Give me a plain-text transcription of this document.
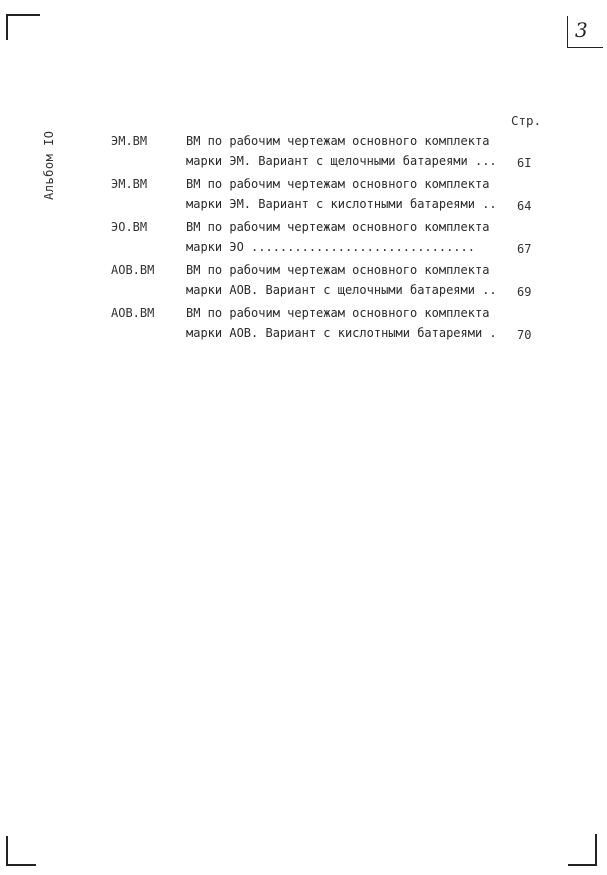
3
Альбом IO
Стр.
ЭМ.ВМ	ВМ по рабочим чертежам основного комплекта
марки ЭМ. Вариант с щелочными батареями ... 6I
ЭМ.ВМ	ВМ по рабочим чертежам основного комплекта
марки ЭМ. Вариант с кислотными батареями .. 64
ЭО.ВМ	ВМ по рабочим чертежам основного комплекта
марки ЭО ...............................	67
АОВ.ВМ	ВМ по рабочим чертежам основного комплекта
марки АОВ. Вариант с щелочными батареями .. 69
АОВ.ВМ	ВМ по рабочим чертежам основного комплекта
марки АОВ. Вариант с кислотными батареями . 70
